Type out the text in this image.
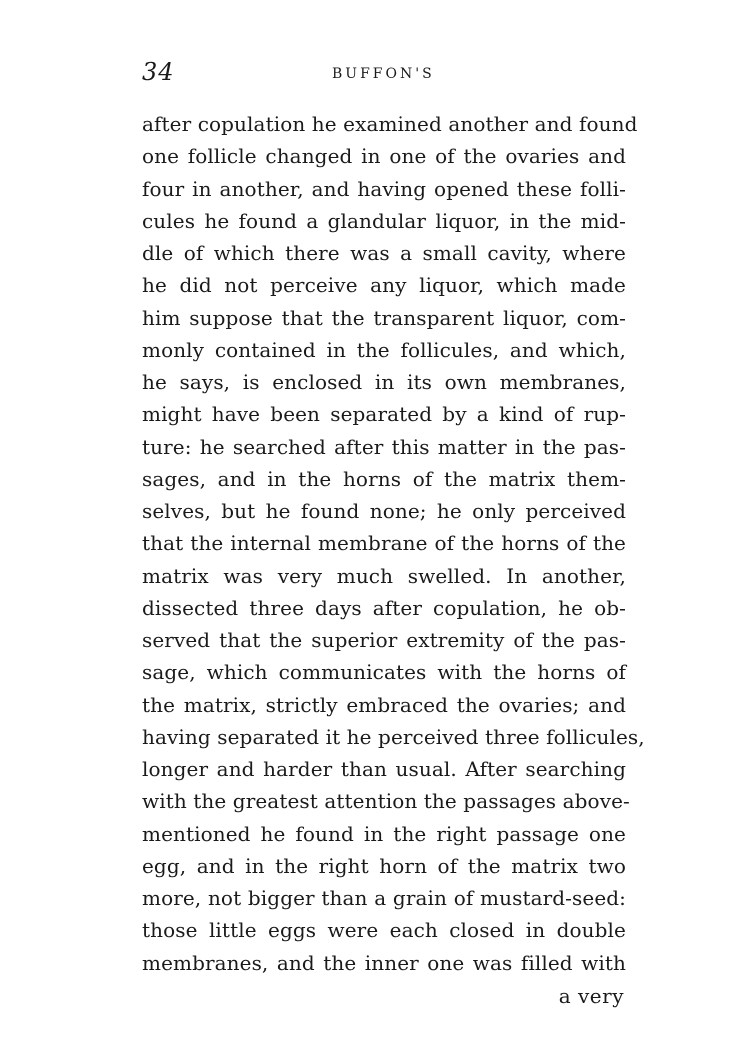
34	BUFFON'S
after copulation he examined another and found
one follicle changed in one of the ovaries and
four in another, and having opened these folli-
cules he found a glandular liquor, in the mid-
dle of which there was a small cavity, where
he did not perceive any liquor, which made
him suppose that the transparent liquor, com-
monly contained in the follicules, and which,
he says, is enclosed in its own membranes,
might have been separated by a kind of rup-
ture: he searched after this matter in the pas-
sages, and in the horns of the matrix them-
selves, but he found none; he only perceived
that the internal membrane of the horns of the
matrix was very much swelled. In another,
dissected three days after copulation, he ob-
served that the superior extremity of the pas-
sage, which communicates with the horns of
the matrix, strictly embraced the ovaries; and
having separated it he perceived three follicules,
longer and harder than usual. After searching
with the greatest attention the passages above-
mentioned he found in the right passage one
egg, and in the right horn of the matrix two
more, not bigger than a grain of mustard-seed:
those little eggs were each closed in double
membranes, and the inner one was filled with
a very
